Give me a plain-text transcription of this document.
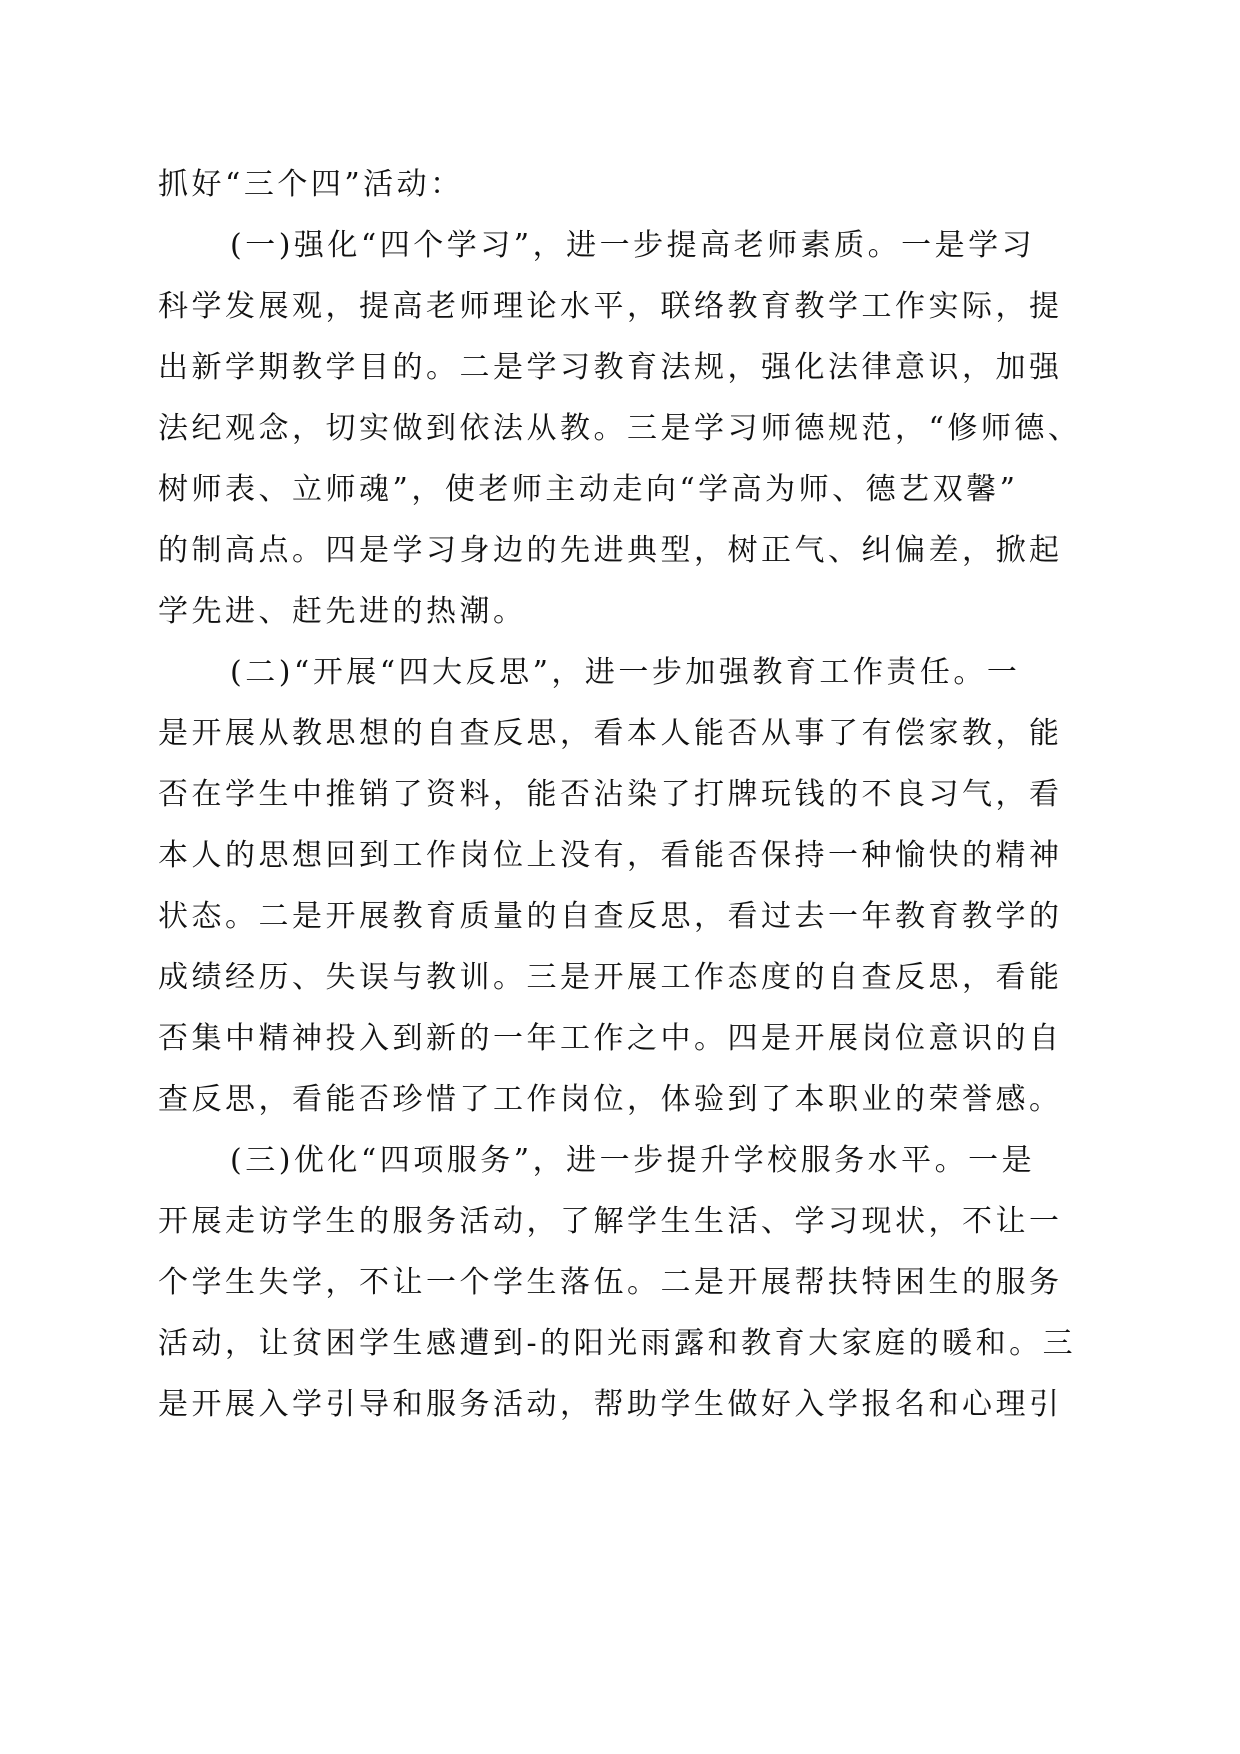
抓好“三个四”活动：
(一)强化“四个学习”，进一步提高老师素质。一是学习
科学发展观，提高老师理论水平，联络教育教学工作实际，提
出新学期教学目的。二是学习教育法规，强化法律意识，加强
法纪观念，切实做到依法从教。三是学习师德规范，“修师德、
树师表、立师魂”，使老师主动走向“学高为师、德艺双馨”
的制高点。四是学习身边的先进典型，树正气、纠偏差，掀起
学先进、赶先进的热潮。
(二)“开展“四大反思”，进一步加强教育工作责任。一
是开展从教思想的自查反思，看本人能否从事了有偿家教，能
否在学生中推销了资料，能否沾染了打牌玩钱的不良习气，看
本人的思想回到工作岗位上没有，看能否保持一种愉快的精神
状态。二是开展教育质量的自查反思，看过去一年教育教学的
成绩经历、失误与教训。三是开展工作态度的自查反思，看能
否集中精神投入到新的一年工作之中。四是开展岗位意识的自
查反思，看能否珍惜了工作岗位，体验到了本职业的荣誉感。
(三)优化“四项服务”，进一步提升学校服务水平。一是
开展走访学生的服务活动，了解学生生活、学习现状，不让一
个学生失学，不让一个学生落伍。二是开展帮扶特困生的服务
活动，让贫困学生感遭到-的阳光雨露和教育大家庭的暖和。三
是开展入学引导和服务活动，帮助学生做好入学报名和心理引
